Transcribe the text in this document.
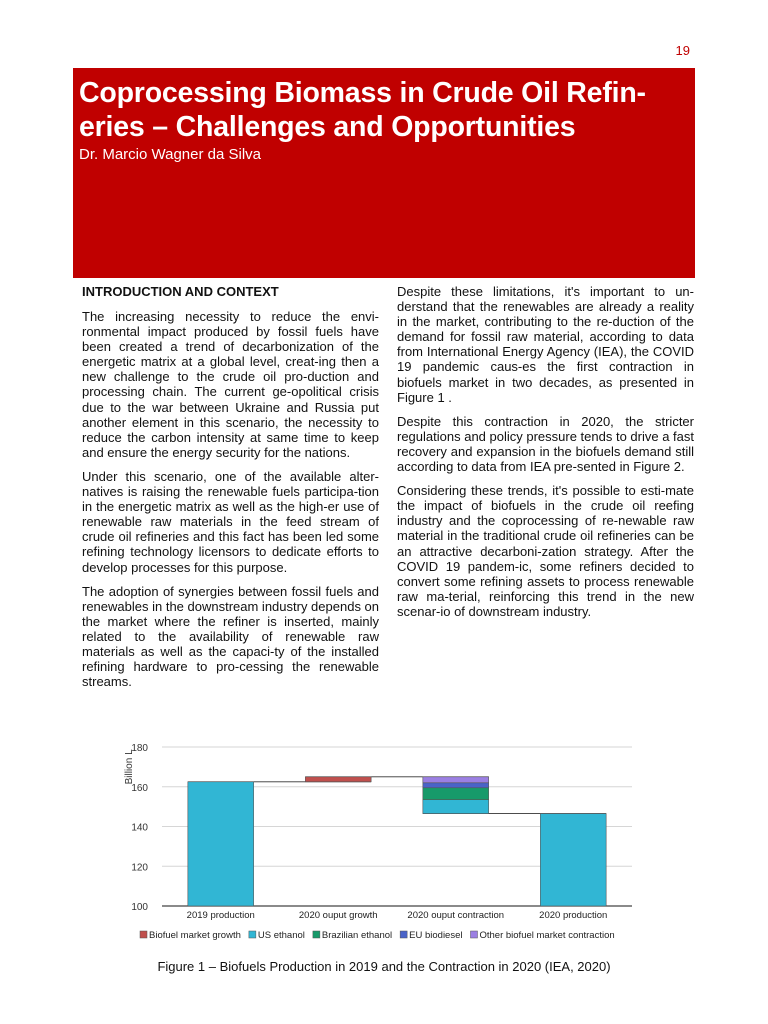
19
Coprocessing Biomass in Crude Oil Refin-
eries – Challenges and Opportunities
Dr. Marcio Wagner da Silva
INTRODUCTION AND CONTEXT

The increasing necessity to reduce the envi-ronmental impact produced by fossil fuels have been created a trend of decarbonization of the energetic matrix at a global level, creat-ing then a new challenge to the crude oil pro-duction and processing chain. The current ge-opolitical crisis due to the war between Ukraine and Russia put another element in this scenario, the necessity to reduce the carbon intensity at same time to keep and ensure the energy security for the nations.

Under this scenario, one of the available alter-natives is raising the renewable fuels participa-tion in the energetic matrix as well as the high-er use of renewable raw materials in the feed stream of crude oil refineries and this fact has been led some refining technology licensors to dedicate efforts to develop processes for this purpose.

The adoption of synergies between fossil fuels and renewables in the downstream industry depends on the market where the refiner is inserted, mainly related to the availability of renewable raw materials as well as the capaci-ty of the installed refining hardware to pro-cessing the renewable streams.

Despite these limitations, it's important to un-derstand that the renewables are already a reality in the market, contributing to the re-duction of the demand for fossil raw material, according to data from International Energy Agency (IEA), the COVID 19 pandemic caus-es the first contraction in biofuels market in two decades, as presented in Figure 1 .

Despite this contraction in 2020, the stricter regulations and policy pressure tends to drive a fast recovery and expansion in the biofuels demand still according to data from IEA pre-sented in Figure 2.

Considering these trends, it's possible to esti-mate the impact of biofuels in the crude oil reefing industry and the coprocessing of re-newable raw material in the traditional crude oil refineries can be an attractive decarboni-zation strategy. After the COVID 19 pandem-ic, some refiners decided to convert some refining assets to process renewable raw ma-terial, reinforcing this trend in the new scenar-io of downstream industry.

100
120
140
160
180
Billion L
2019 production	2020 ouput growth	2020 ouput contraction	2020 production
Biofuel market growth US ethanol Brazilian ethanol EU biodiesel Other biofuel market contraction
Figure 1 – Biofuels Production in 2019 and the Contraction in 2020 (IEA, 2020)
